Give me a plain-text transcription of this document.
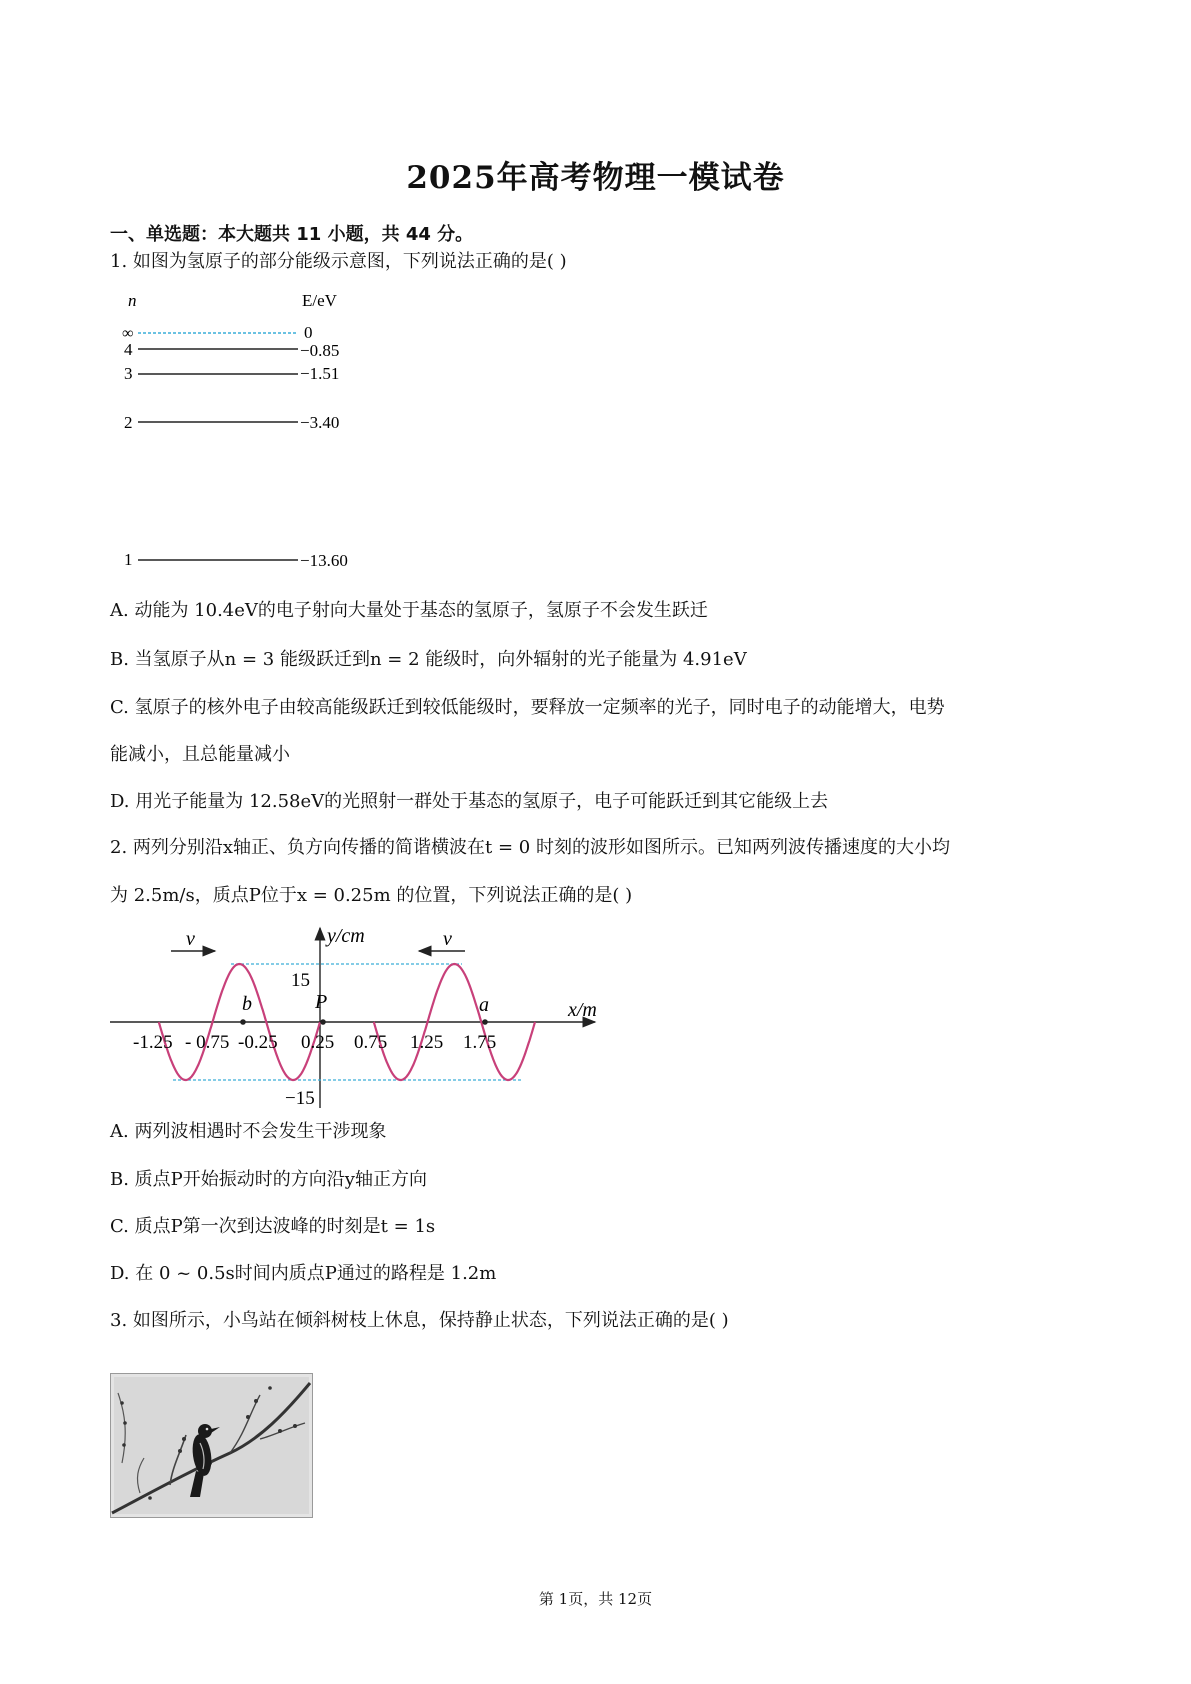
2025年高考物理一模试卷
一、单选题：本大题共 11 小题，共 44 分。
1. 如图为氢原子的部分能级示意图，下列说法正确的是( )
n	E/eV
∞	0
4	−0.85
3	−1.51
2	−3.40
1	−13.60
A. 动能为 10.4eV的电子射向大量处于基态的氢原子，氢原子不会发生跃迁
B. 当氢原子从n = 3 能级跃迁到n = 2 能级时，向外辐射的光子能量为 4.91eV
C. 氢原子的核外电子由较高能级跃迁到较低能级时，要释放一定频率的光子，同时电子的动能增大，电势
能减小，且总能量减小
D. 用光子能量为 12.58eV的光照射一群处于基态的氢原子，电子可能跃迁到其它能级上去
2. 两列分别沿x轴正、负方向传播的简谐横波在t = 0 时刻的波形如图所示。已知两列波传播速度的大小均
为 2.5m/s，质点P位于x = 0.25m 的位置，下列说法正确的是( )
y/cm
x/m
15
−15
v	v
b	P	a
-1.25 - 0.75 -0.25 0.25 0.75 1.25 1.75
A. 两列波相遇时不会发生干涉现象
B. 质点P开始振动时的方向沿y轴正方向
C. 质点P第一次到达波峰的时刻是t = 1s
D. 在 0 ~ 0.5s时间内质点P通过的路程是 1.2m
3. 如图所示，小鸟站在倾斜树枝上休息，保持静止状态，下列说法正确的是( )
第 1页，共 12页
